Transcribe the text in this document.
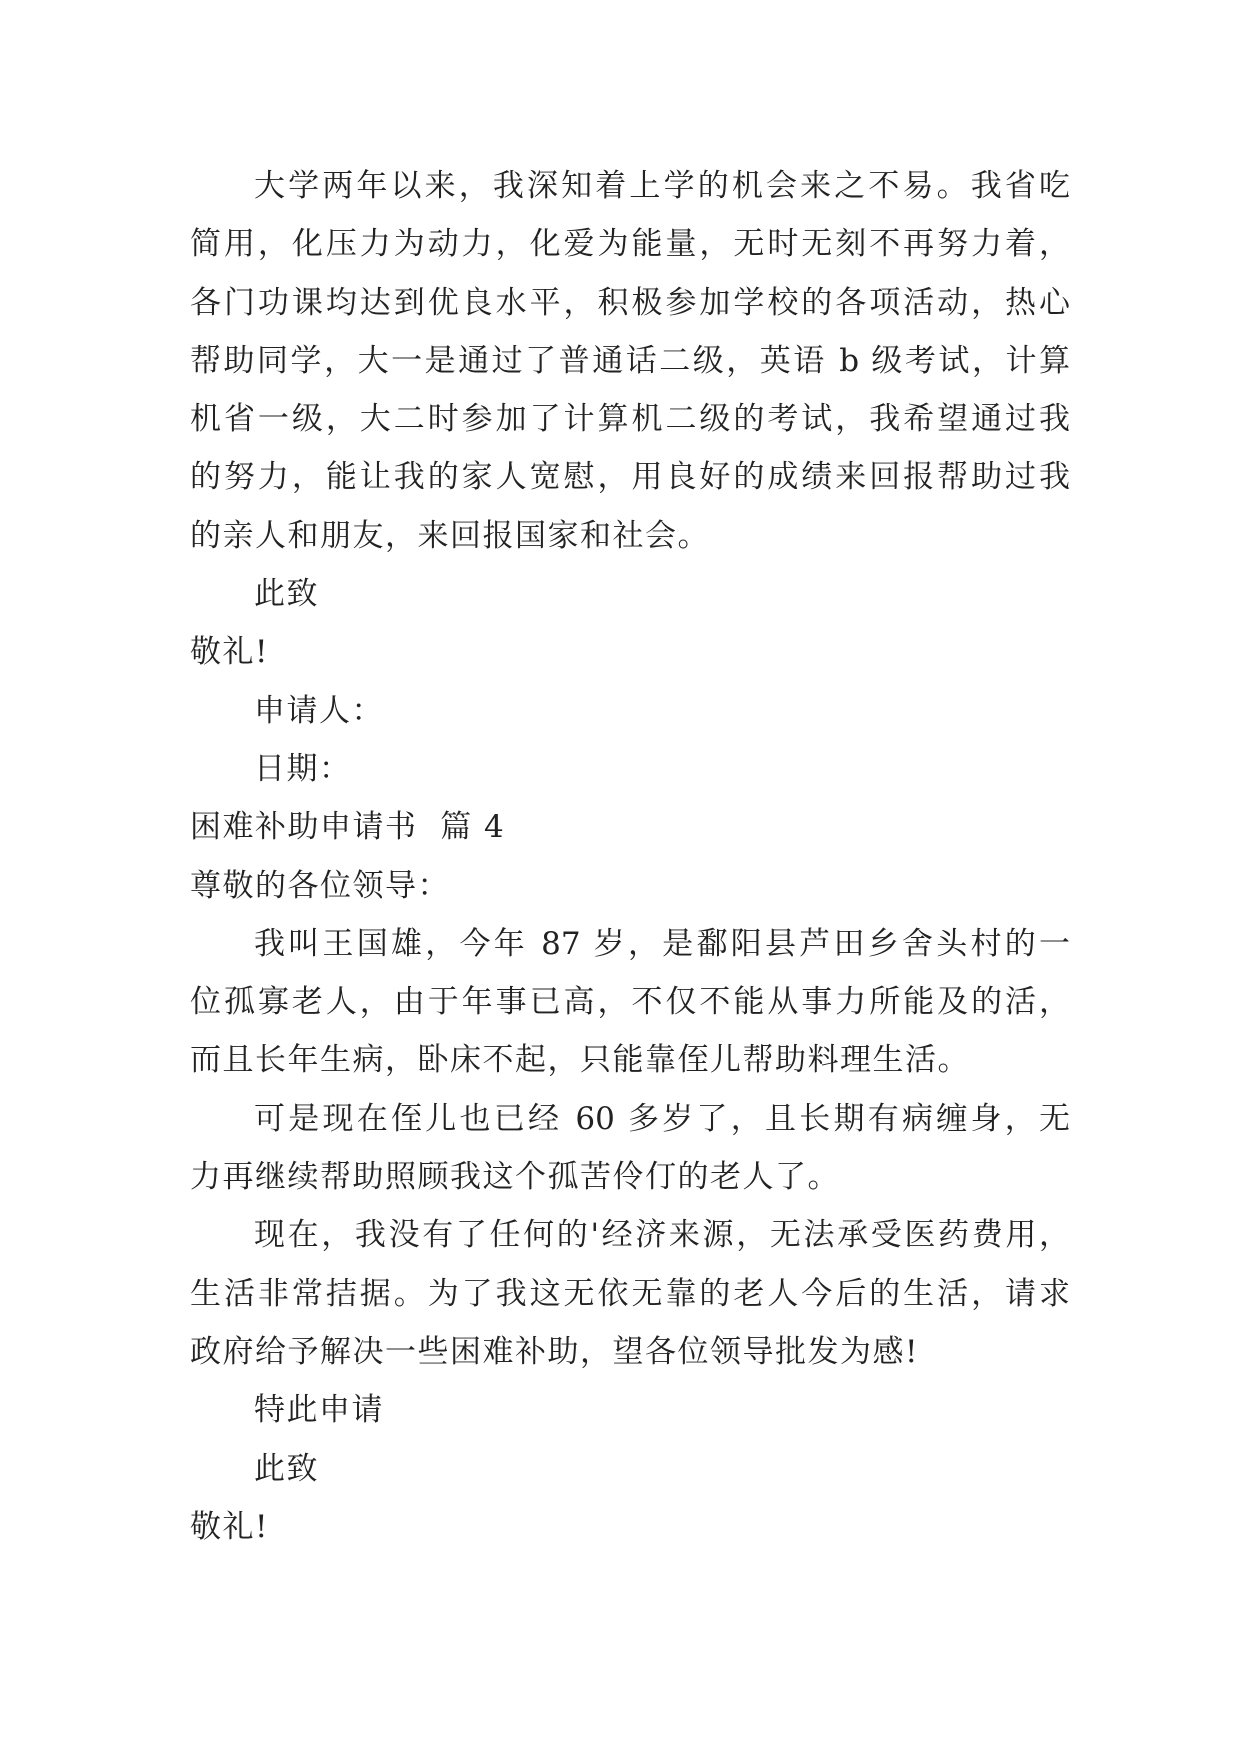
大学两年以来，我深知着上学的机会来之不易。我省吃
简用，化压力为动力，化爱为能量，无时无刻不再努力着，
各门功课均达到优良水平，积极参加学校的各项活动，热心
帮助同学，大一是通过了普通话二级，英语 b 级考试，计算
机省一级，大二时参加了计算机二级的考试，我希望通过我
的努力，能让我的家人宽慰，用良好的成绩来回报帮助过我
的亲人和朋友，来回报国家和社会。
此致
敬礼!
申请人：
日期：
困难补助申请书  篇 4
尊敬的各位领导：
我叫王国雄，今年 87 岁，是鄱阳县芦田乡舍头村的一
位孤寡老人，由于年事已高，不仅不能从事力所能及的活，
而且长年生病，卧床不起，只能靠侄儿帮助料理生活。
可是现在侄儿也已经 60 多岁了，且长期有病缠身，无
力再继续帮助照顾我这个孤苦伶仃的老人了。
现在，我没有了任何的'经济来源，无法承受医药费用，
生活非常拮据。为了我这无依无靠的老人今后的生活，请求
政府给予解决一些困难补助，望各位领导批发为感!
特此申请
此致
敬礼!
